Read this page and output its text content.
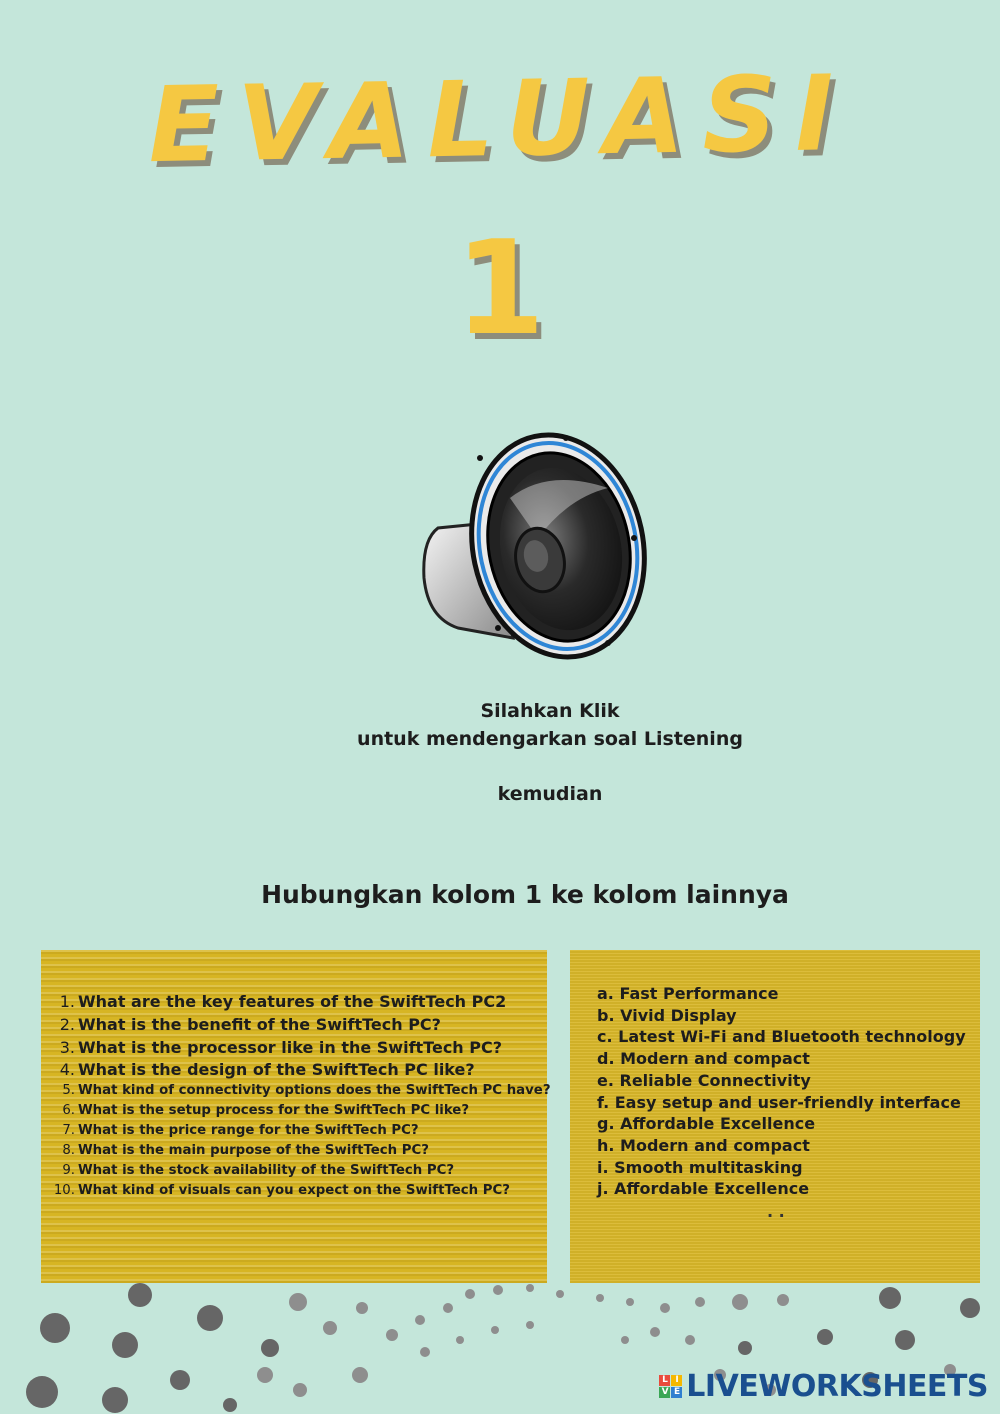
EVALUASI
1
Silahkan Klik
untuk mendengarkan soal Listening
kemudian
Hubungkan kolom 1 ke kolom lainnya
1. What are the key features of the SwiftTech PC2
2. What is the benefit of the SwiftTech PC?
3. What is the processor like in the SwiftTech PC?
4. What is the design of the SwiftTech PC like?
5. What kind of connectivity options does the SwiftTech PC have?
6. What is the setup process for the SwiftTech PC like?
7. What is the price range for the SwiftTech PC?
8. What is the main purpose of the SwiftTech PC?
9. What is the stock availability of the SwiftTech PC?
10. What kind of visuals can you expect on the SwiftTech PC?
a. Fast Performance
b. Vivid Display
c. Latest Wi-Fi and Bluetooth technology
d. Modern and compact
e. Reliable Connectivity
f. Easy setup and user-friendly interface
g. Affordable Excellence
h. Modern and compact
i. Smooth multitasking
j. Affordable Excellence
. .
L I
V E LIVEWORKSHEETS
